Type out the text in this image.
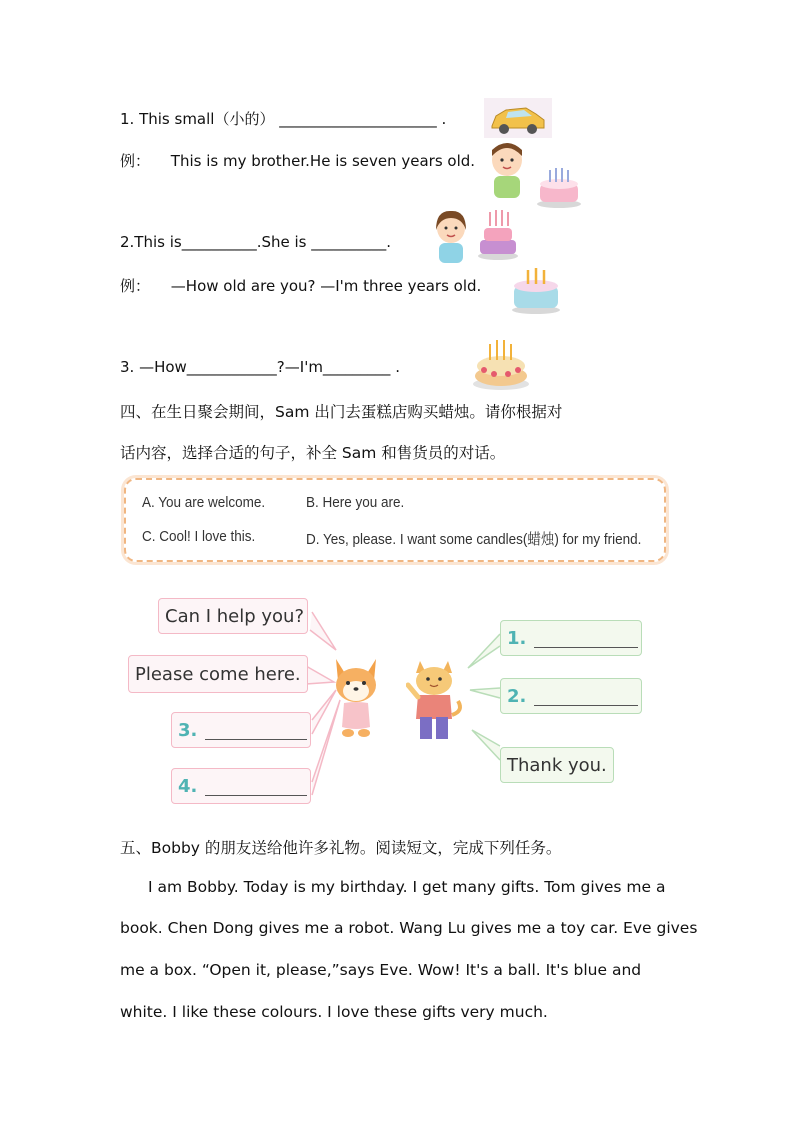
1. This small（小的） _____________________ .
例： This is my brother.He is seven years old.
2.This is__________.She is __________.
例： —How old are you? —I'm three years old.
3. —How____________?—I'm_________ .
四、在生日聚会期间，Sam 出门去蛋糕店购买蜡烛。请你根据对
话内容，选择合适的句子，补全 Sam 和售货员的对话。
A. You are welcome.	B. Here you are.
C. Cool! I love this.	D. Yes, please. I want some candles(蜡烛) for my friend.
Can I help you?
Please come here.
3.
4.
1.
2.
Thank you.
五、Bobby 的朋友送给他许多礼物。阅读短文，完成下列任务。
I am Bobby. Today is my birthday. I get many gifts. Tom gives me a
book. Chen Dong gives me a robot. Wang Lu gives me a toy car. Eve gives
me a box. “Open it, please,”says Eve. Wow! It's a ball. It's blue and
white. I like these colours. I love these gifts very much.
